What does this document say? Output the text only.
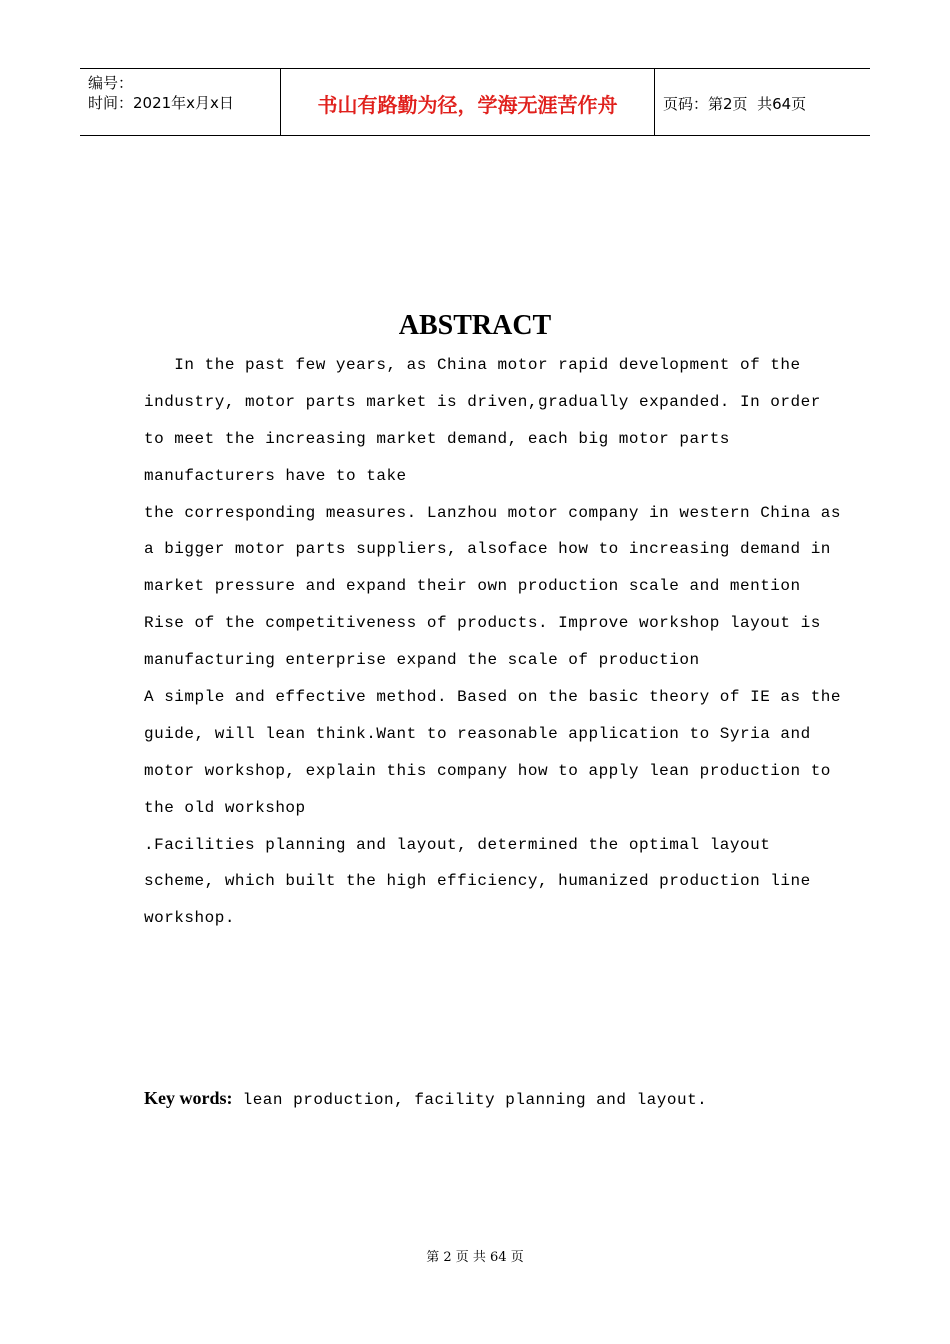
编号：
时间：2021年x月x日	书山有路勤为径，学海无涯苦作舟	页码：第2页  共64页
ABSTRACT
In the past few years, as China motor rapid development of the
industry, motor parts market is driven,gradually expanded. In order
to meet the increasing market demand, each big motor parts
manufacturers have to take
the corresponding measures. Lanzhou motor company in western China as
a bigger motor parts suppliers, alsoface how to increasing demand in
market pressure and expand their own production scale and mention
Rise of the competitiveness of products. Improve workshop layout is
manufacturing enterprise expand the scale of production
A simple and effective method. Based on the basic theory of IE as the
guide, will lean think.Want to reasonable application to Syria and
motor workshop, explain this company how to apply lean production to
the old workshop
.Facilities planning and layout, determined the optimal layout
scheme, which built the high efficiency, humanized production line
workshop.
Key words: lean production, facility planning and layout.
第 2 页 共 64 页
